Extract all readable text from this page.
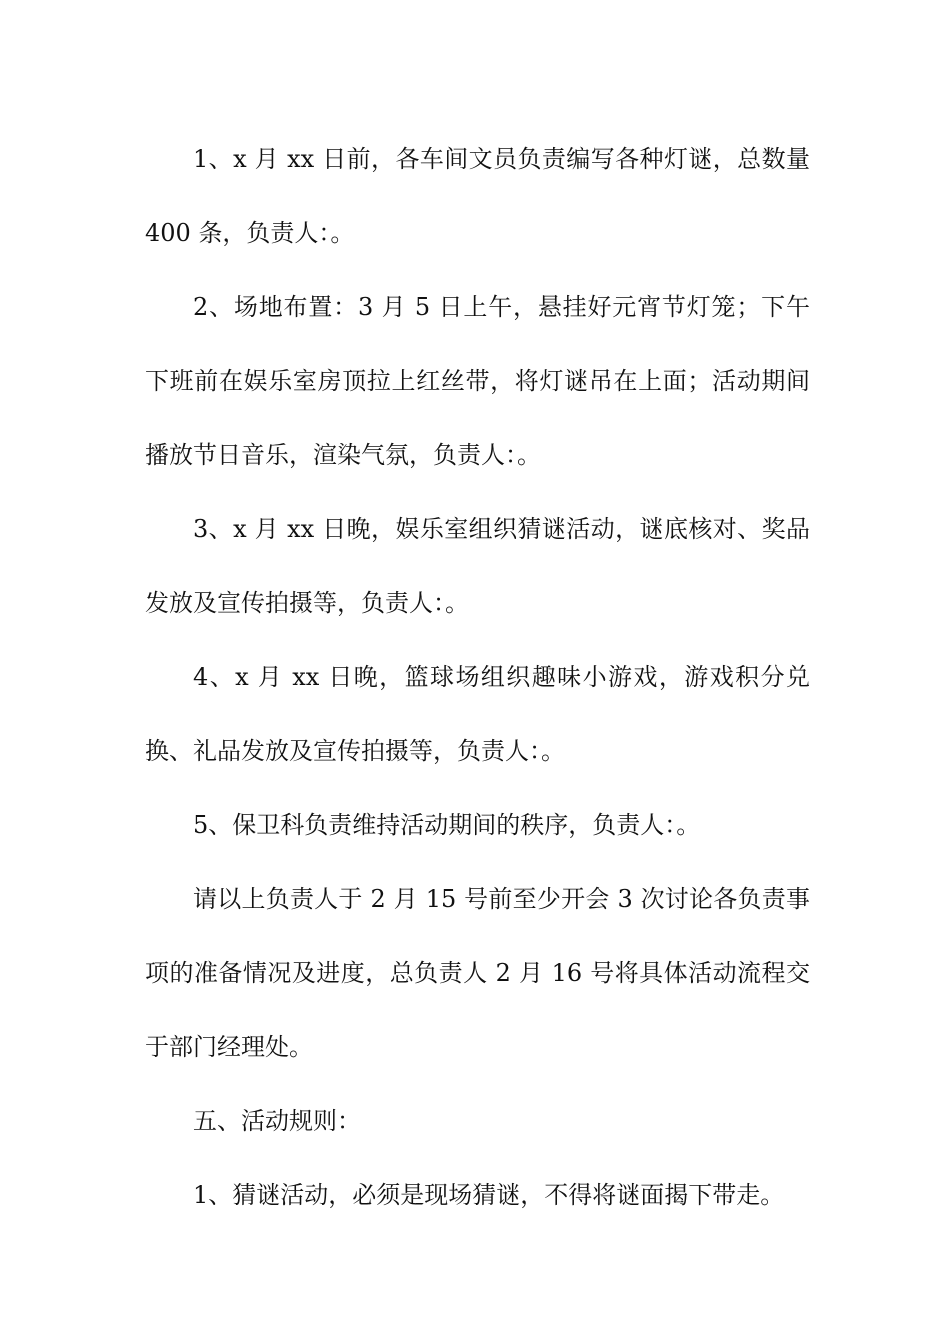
1、x 月 xx 日前，各车间文员负责编写各种灯谜，总数量 400 条，负责人：。

2、场地布置：3 月 5 日上午，悬挂好元宵节灯笼；下午下班前在娱乐室房顶拉上红丝带，将灯谜吊在上面；活动期间播放节日音乐，渲染气氛，负责人：。

3、x 月 xx 日晚，娱乐室组织猜谜活动，谜底核对、奖品发放及宣传拍摄等，负责人：。

4、x 月 xx 日晚，篮球场组织趣味小游戏，游戏积分兑换、礼品发放及宣传拍摄等，负责人：。

5、保卫科负责维持活动期间的秩序，负责人：。

请以上负责人于 2 月 15 号前至少开会 3 次讨论各负责事项的准备情况及进度，总负责人 2 月 16 号将具体活动流程交于部门经理处。

五、活动规则：

1、猜谜活动，必须是现场猜谜，不得将谜面揭下带走。
